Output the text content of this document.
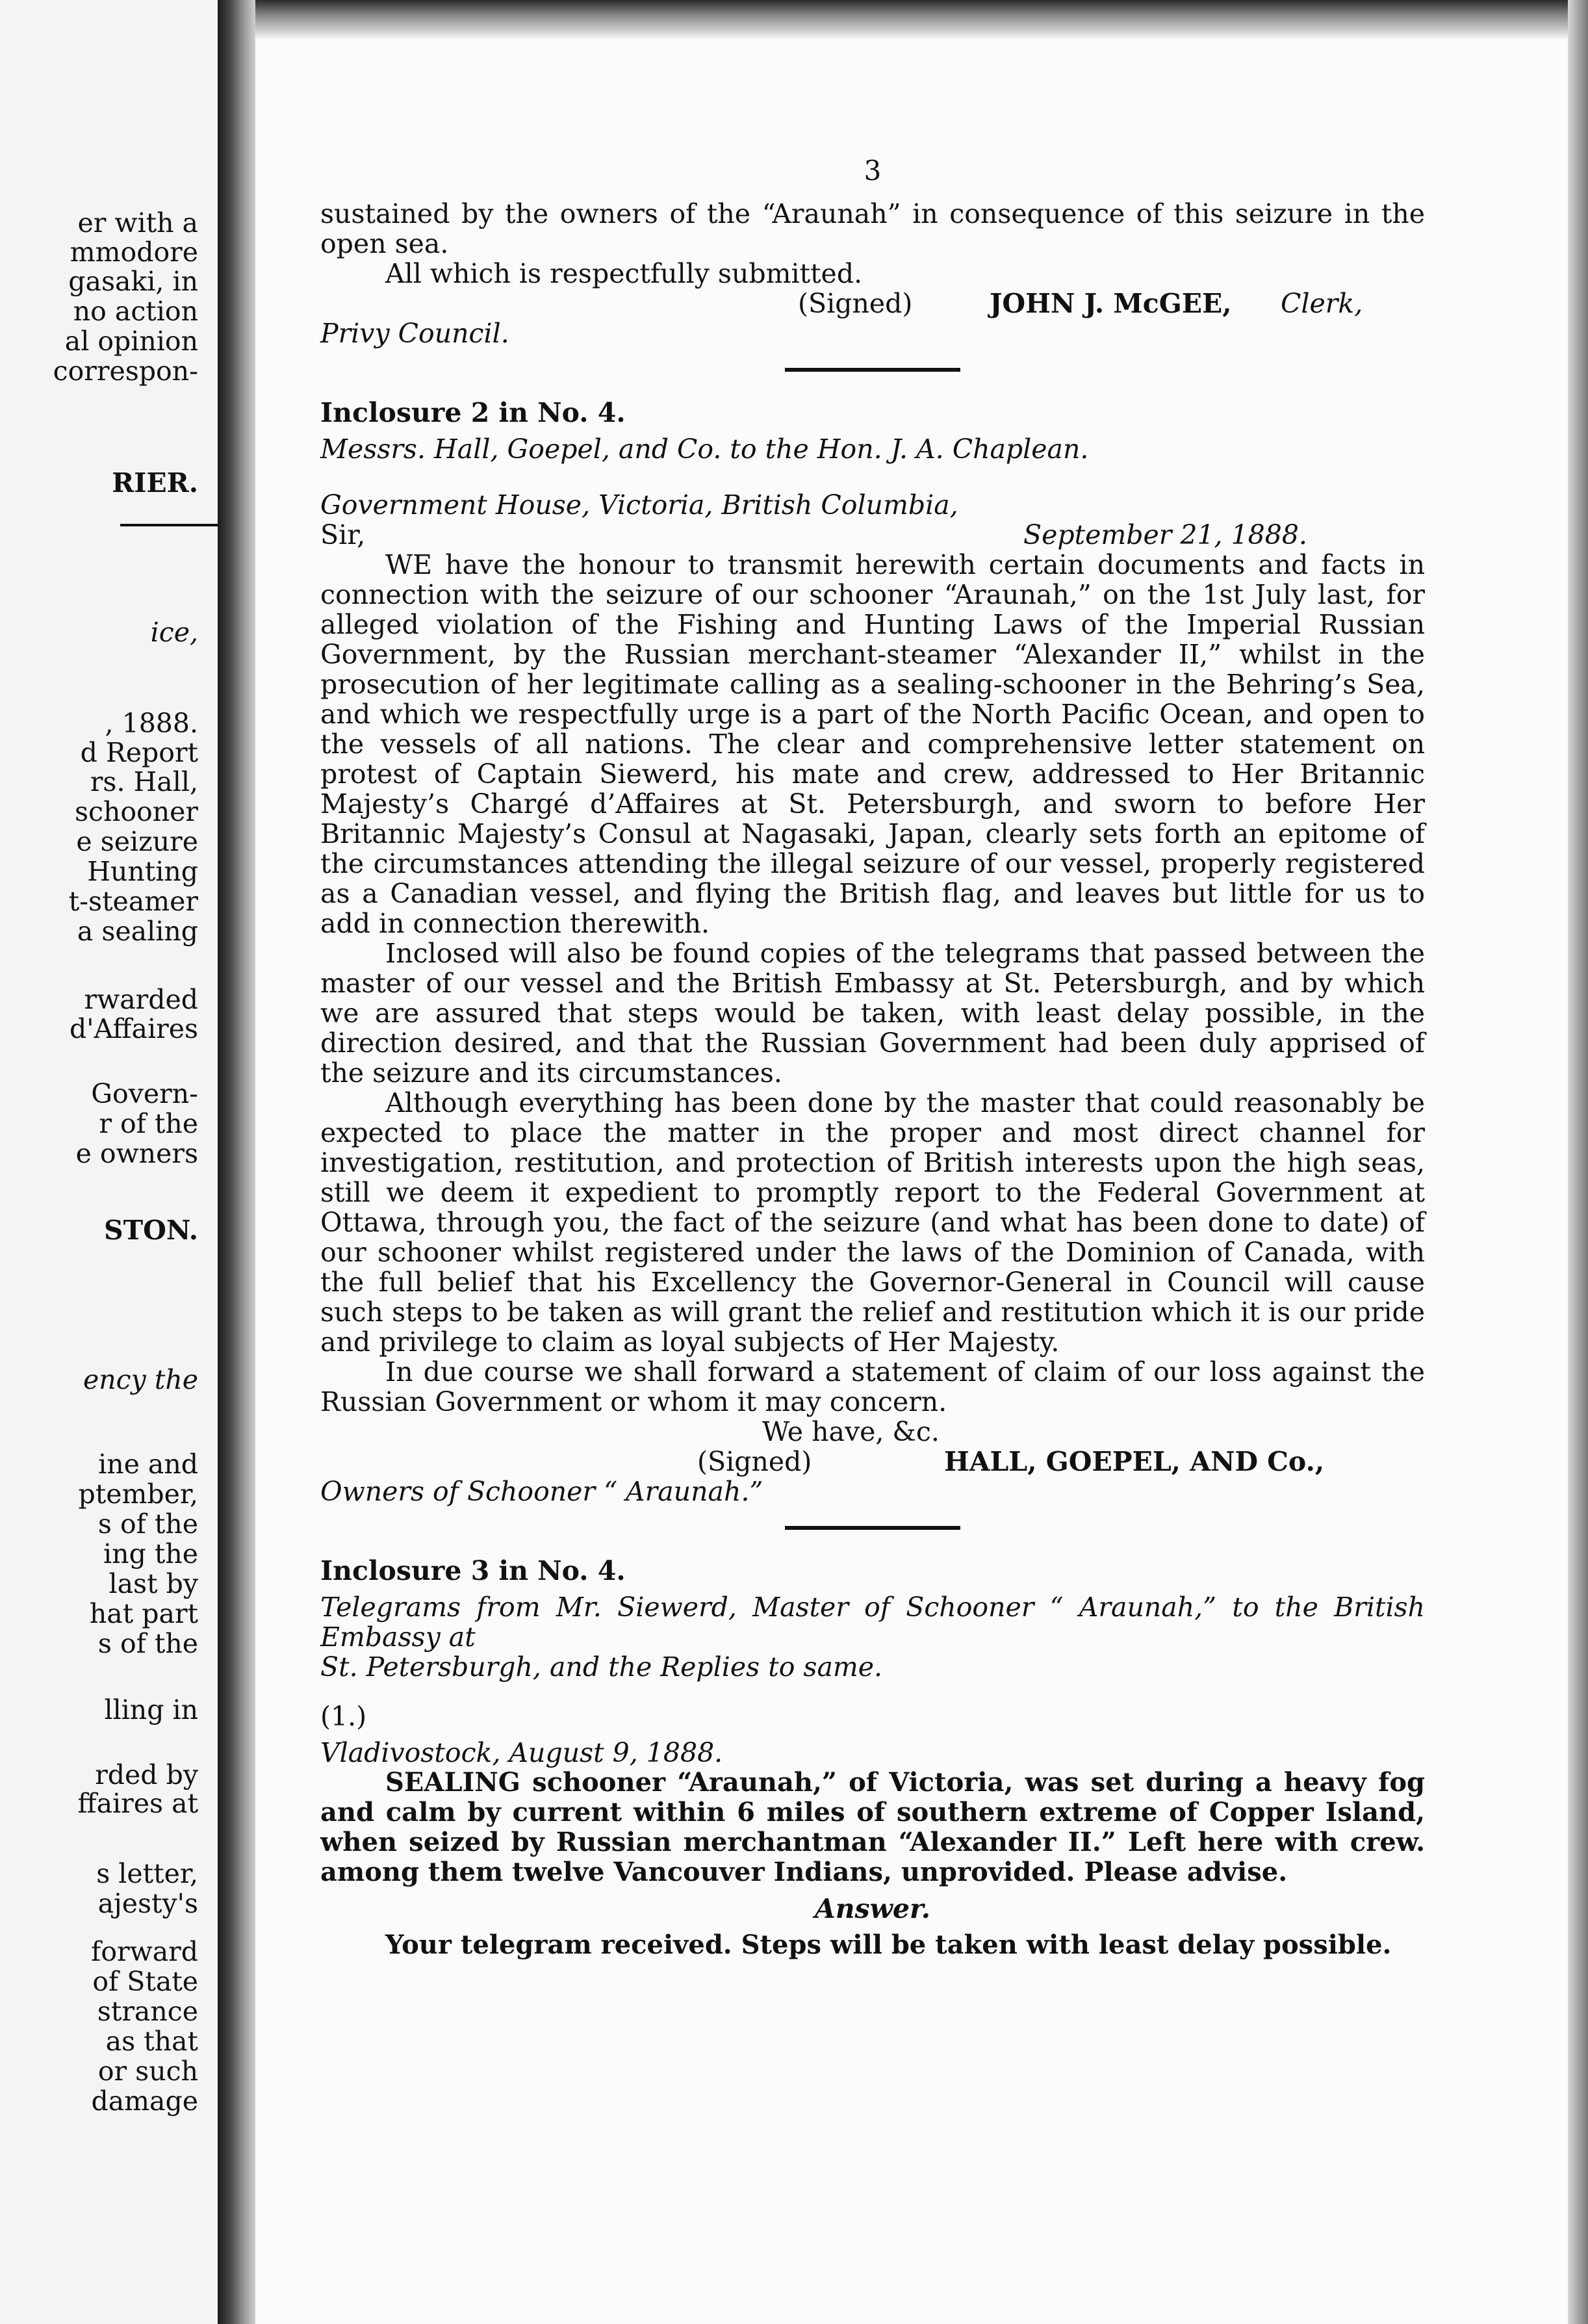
er with a
mmodore
gasaki, in
no action
al opinion
correspon-
RIER.
ice,
, 1888.
d Report
rs. Hall,
schooner
e seizure
Hunting
t-steamer
a sealing
rwarded
d'Affaires
Govern-
r of the
e owners
STON.
ency the
ine and
ptember,
s of the
ing the
last by
hat part
s of the
lling in
rded by
ffaires at
s letter,
ajesty's
forward
of State
strance
as that
or such
damage

3

sustained by the owners of the “Araunah” in consequence of this seizure in the open sea.

All which is respectfully submitted.

(Signed)	JOHN J. McGEE, Clerk,

Privy Council.

Inclosure 2 in No. 4.

Messrs. Hall, Goepel, and Co. to the Hon. J. A. Chaplean.

Government House, Victoria, British Columbia,

Sir,	September 21, 1888.

WE have the honour to transmit herewith certain documents and facts in connection with the seizure of our schooner “Araunah,” on the 1st July last, for alleged violation of the Fishing and Hunting Laws of the Imperial Russian Government, by the Russian merchant-steamer “Alexander II,” whilst in the prosecution of her legitimate calling as a sealing-schooner in the Behring’s Sea, and which we respectfully urge is a part of the North Pacific Ocean, and open to the vessels of all nations. The clear and comprehensive letter statement on protest of Captain Siewerd, his mate and crew, addressed to Her Britannic Majesty’s Chargé d’Affaires at St. Petersburgh, and sworn to before Her Britannic Majesty’s Consul at Nagasaki, Japan, clearly sets forth an epitome of the circumstances attending the illegal seizure of our vessel, properly registered as a Canadian vessel, and flying the British flag, and leaves but little for us to add in connection therewith.

Inclosed will also be found copies of the telegrams that passed between the master of our vessel and the British Embassy at St. Petersburgh, and by which we are assured that steps would be taken, with least delay possible, in the direction desired, and that the Russian Government had been duly apprised of the seizure and its circumstances.

Although everything has been done by the master that could reasonably be expected to place the matter in the proper and most direct channel for investigation, restitution, and protection of British interests upon the high seas, still we deem it expedient to promptly report to the Federal Government at Ottawa, through you, the fact of the seizure (and what has been done to date) of our schooner whilst registered under the laws of the Dominion of Canada, with the full belief that his Excellency the Governor-General in Council will cause such steps to be taken as will grant the relief and restitution which it is our pride and privilege to claim as loyal subjects of Her Majesty.

In due course we shall forward a statement of claim of our loss against the Russian Government or whom it may concern.

We have, &c.

(Signed)	HALL, GOEPEL, AND Co.,

Owners of Schooner “ Araunah.”

Inclosure 3 in No. 4.

Telegrams from Mr. Siewerd, Master of Schooner “ Araunah,” to the British Embassy at

St. Petersburgh, and the Replies to same.

(1.)

Vladivostock, August 9, 1888.

SEALING schooner “Araunah,” of Victoria, was set during a heavy fog and calm by current within 6 miles of southern extreme of Copper Island, when seized by Russian merchantman “Alexander II.” Left here with crew. among them twelve Vancouver Indians, unprovided. Please advise.

Answer.

Your telegram received. Steps will be taken with least delay possible.
